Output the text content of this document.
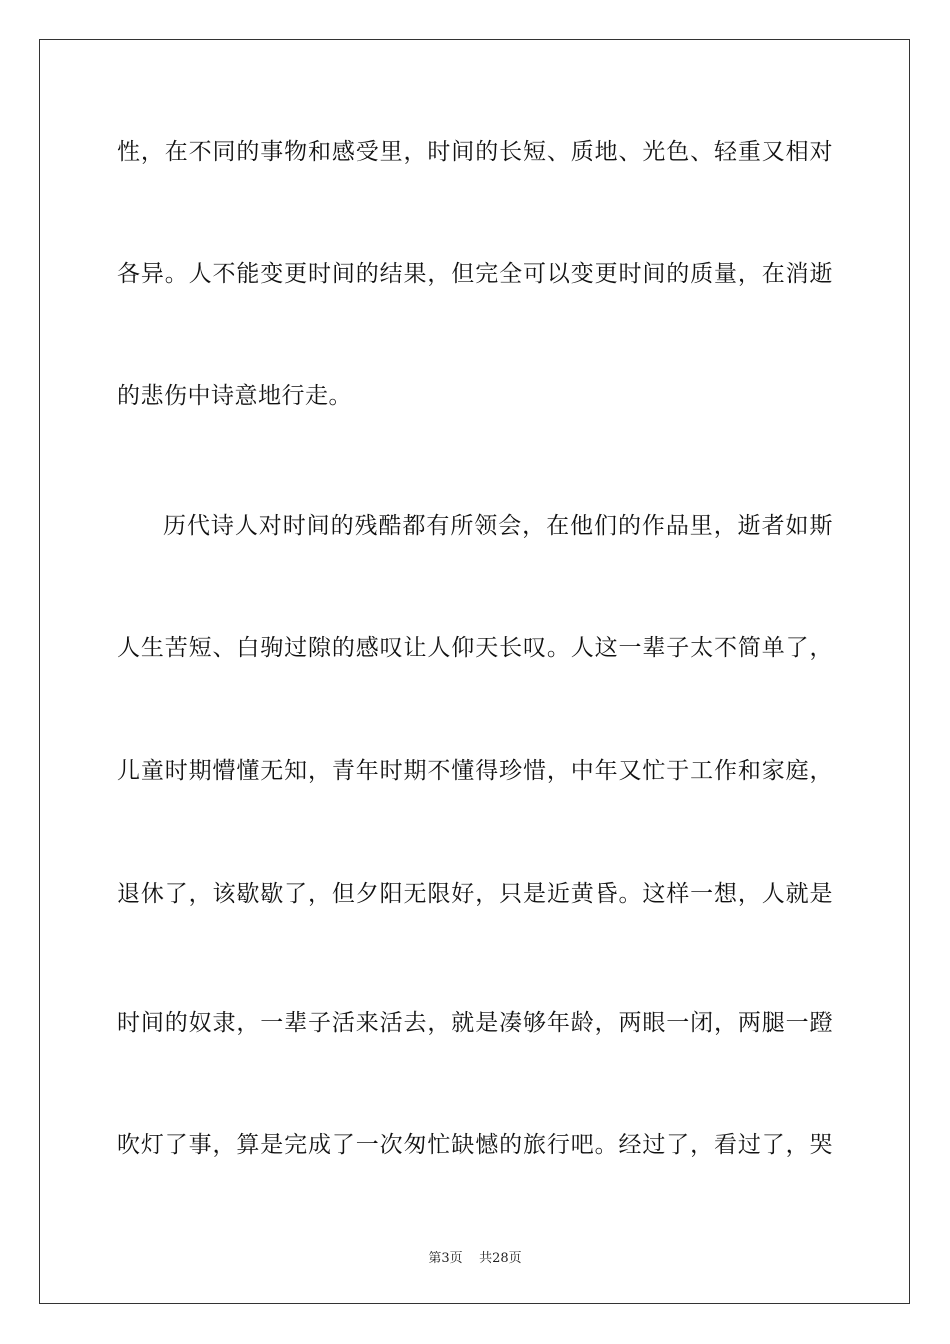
性，在不同的事物和感受里，时间的长短、质地、光色、轻重又相对
各异。人不能变更时间的结果，但完全可以变更时间的质量，在消逝
的悲伤中诗意地行走。
历代诗人对时间的残酷都有所领会，在他们的作品里，逝者如斯
人生苦短、白驹过隙的感叹让人仰天长叹。人这一辈子太不简单了，
儿童时期懵懂无知，青年时期不懂得珍惜，中年又忙于工作和家庭，
退休了，该歇歇了，但夕阳无限好，只是近黄昏。这样一想，人就是
时间的奴隶，一辈子活来活去，就是凑够年龄，两眼一闭，两腿一蹬
吹灯了事，算是完成了一次匆忙缺憾的旅行吧。经过了，看过了，哭
第3页 共28页
